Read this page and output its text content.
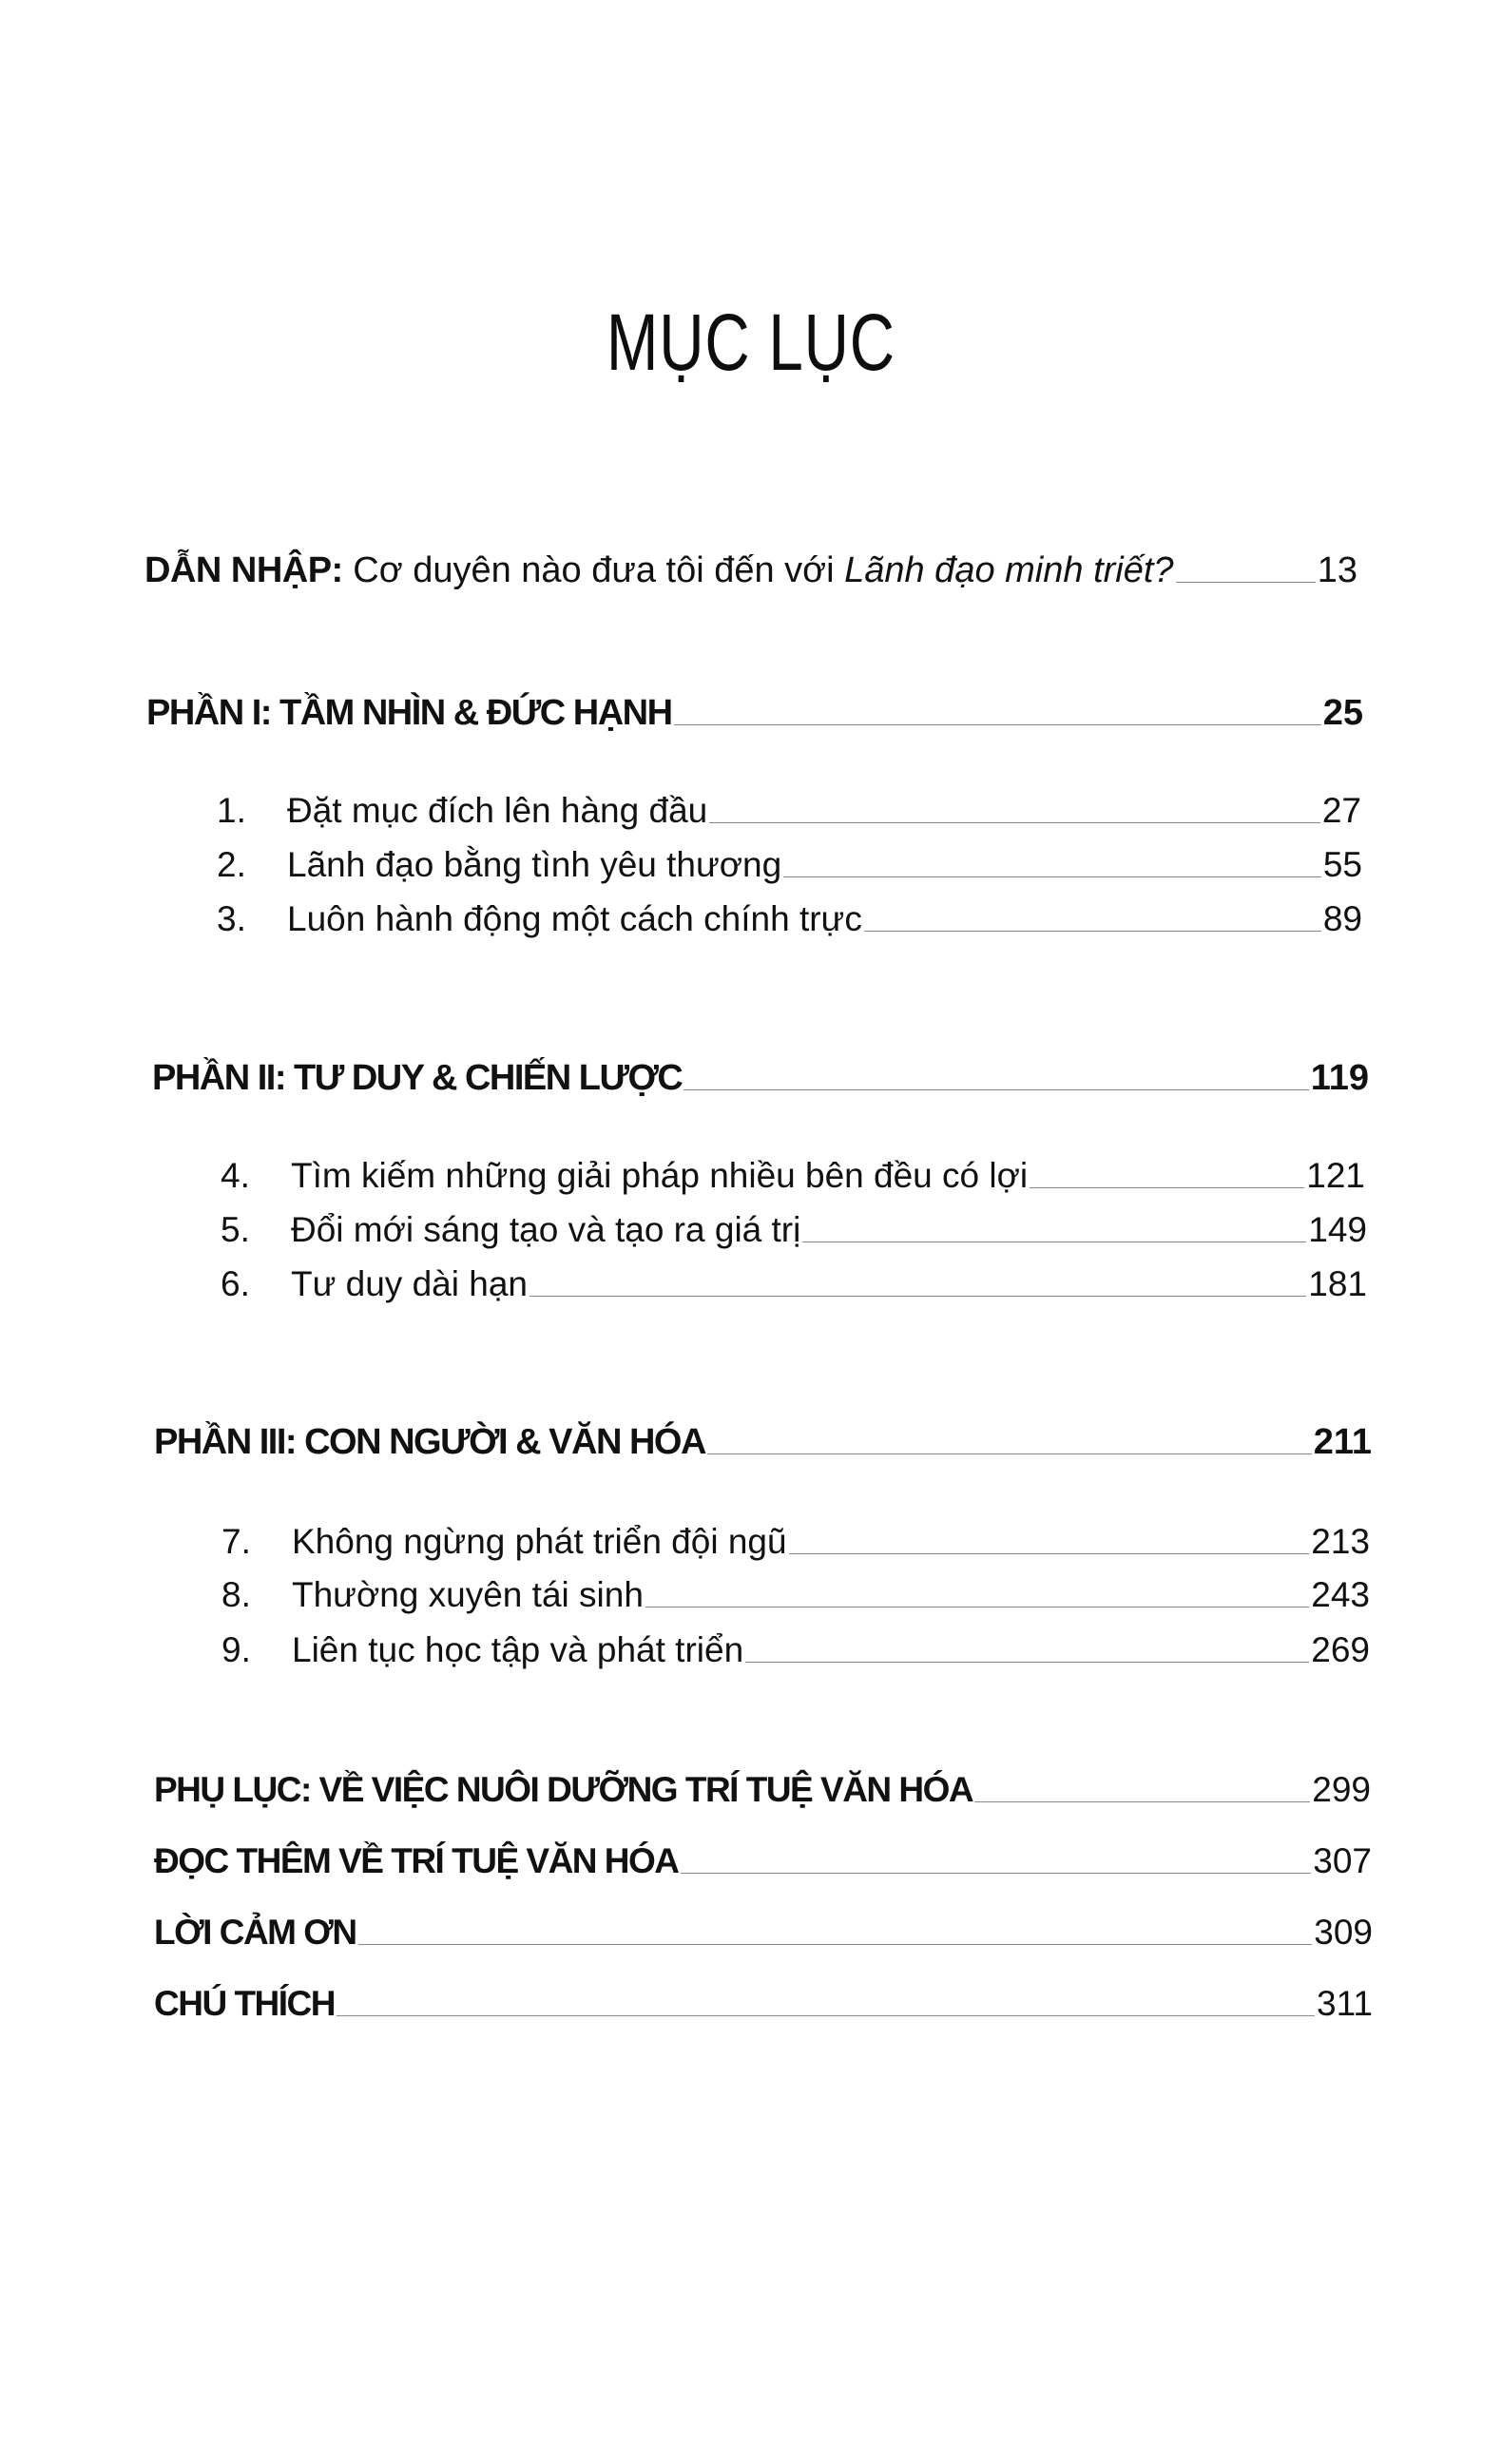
MỤC LỤC
DẪN NHẬP: Cơ duyên nào đưa tôi đến với Lãnh đạo minh triết?	13
PHẦN I: TẦM NHÌN & ĐỨC HẠNH	25
1. Đặt mục đích lên hàng đầu	27
2. Lãnh đạo bằng tình yêu thương	55
3. Luôn hành động một cách chính trực	89
PHẦN II: TƯ DUY & CHIẾN LƯỢC	119
4. Tìm kiếm những giải pháp nhiều bên đều có lợi	121
5. Đổi mới sáng tạo và tạo ra giá trị	149
6. Tư duy dài hạn	181
PHẦN III: CON NGƯỜI & VĂN HÓA	211
7. Không ngừng phát triển đội ngũ	213
8. Thường xuyên tái sinh	243
9. Liên tục học tập và phát triển	269
PHỤ LỤC: VỀ VIỆC NUÔI DƯỠNG TRÍ TUỆ VĂN HÓA	299
ĐỌC THÊM VỀ TRÍ TUỆ VĂN HÓA	307
LỜI CẢM ƠN	309
CHÚ THÍCH	311
